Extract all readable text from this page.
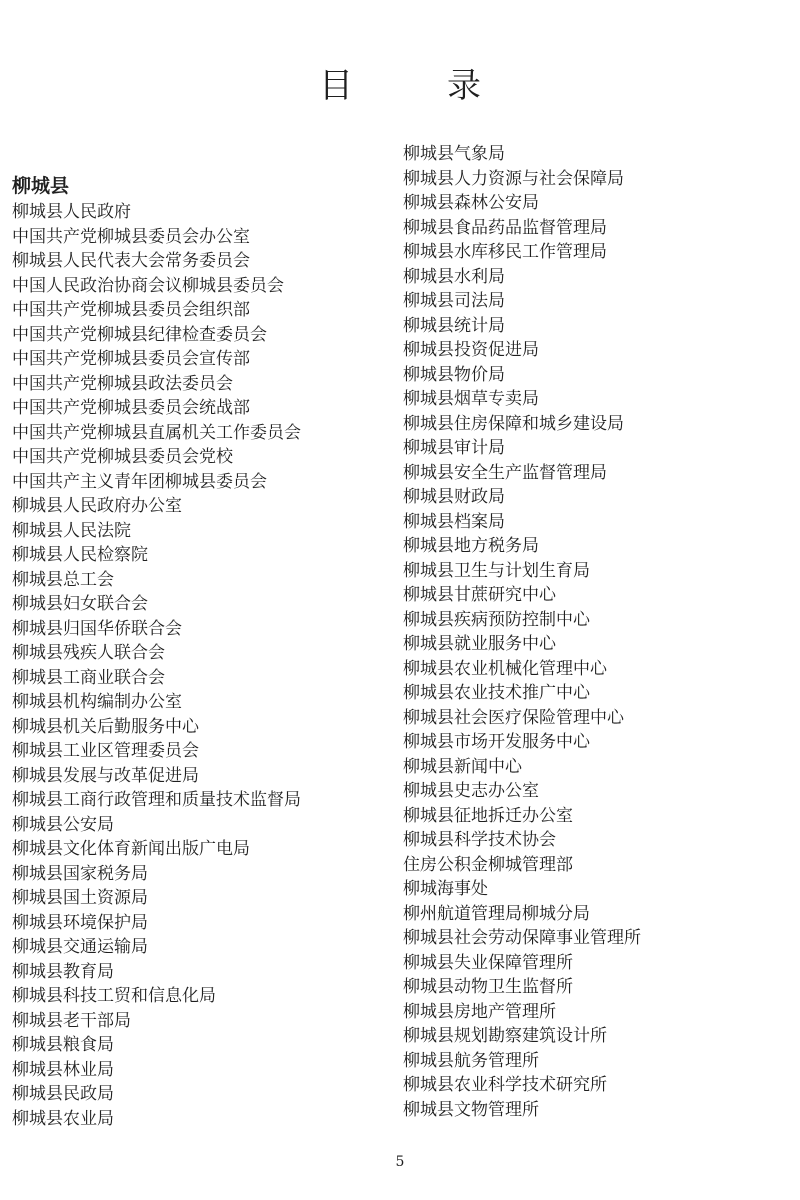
目　录
柳城县
柳城县人民政府
中国共产党柳城县委员会办公室
柳城县人民代表大会常务委员会
中国人民政治协商会议柳城县委员会
中国共产党柳城县委员会组织部
中国共产党柳城县纪律检查委员会
中国共产党柳城县委员会宣传部
中国共产党柳城县政法委员会
中国共产党柳城县委员会统战部
中国共产党柳城县直属机关工作委员会
中国共产党柳城县委员会党校
中国共产主义青年团柳城县委员会
柳城县人民政府办公室
柳城县人民法院
柳城县人民检察院
柳城县总工会
柳城县妇女联合会
柳城县归国华侨联合会
柳城县残疾人联合会
柳城县工商业联合会
柳城县机构编制办公室
柳城县机关后勤服务中心
柳城县工业区管理委员会
柳城县发展与改革促进局
柳城县工商行政管理和质量技术监督局
柳城县公安局
柳城县文化体育新闻出版广电局
柳城县国家税务局
柳城县国土资源局
柳城县环境保护局
柳城县交通运输局
柳城县教育局
柳城县科技工贸和信息化局
柳城县老干部局
柳城县粮食局
柳城县林业局
柳城县民政局
柳城县农业局
柳城县气象局
柳城县人力资源与社会保障局
柳城县森林公安局
柳城县食品药品监督管理局
柳城县水库移民工作管理局
柳城县水利局
柳城县司法局
柳城县统计局
柳城县投资促进局
柳城县物价局
柳城县烟草专卖局
柳城县住房保障和城乡建设局
柳城县审计局
柳城县安全生产监督管理局
柳城县财政局
柳城县档案局
柳城县地方税务局
柳城县卫生与计划生育局
柳城县甘蔗研究中心
柳城县疾病预防控制中心
柳城县就业服务中心
柳城县农业机械化管理中心
柳城县农业技术推广中心
柳城县社会医疗保险管理中心
柳城县市场开发服务中心
柳城县新闻中心
柳城县史志办公室
柳城县征地拆迁办公室
柳城县科学技术协会
住房公积金柳城管理部
柳城海事处
柳州航道管理局柳城分局
柳城县社会劳动保障事业管理所
柳城县失业保障管理所
柳城县动物卫生监督所
柳城县房地产管理所
柳城县规划勘察建筑设计所
柳城县航务管理所
柳城县农业科学技术研究所
柳城县文物管理所
5
